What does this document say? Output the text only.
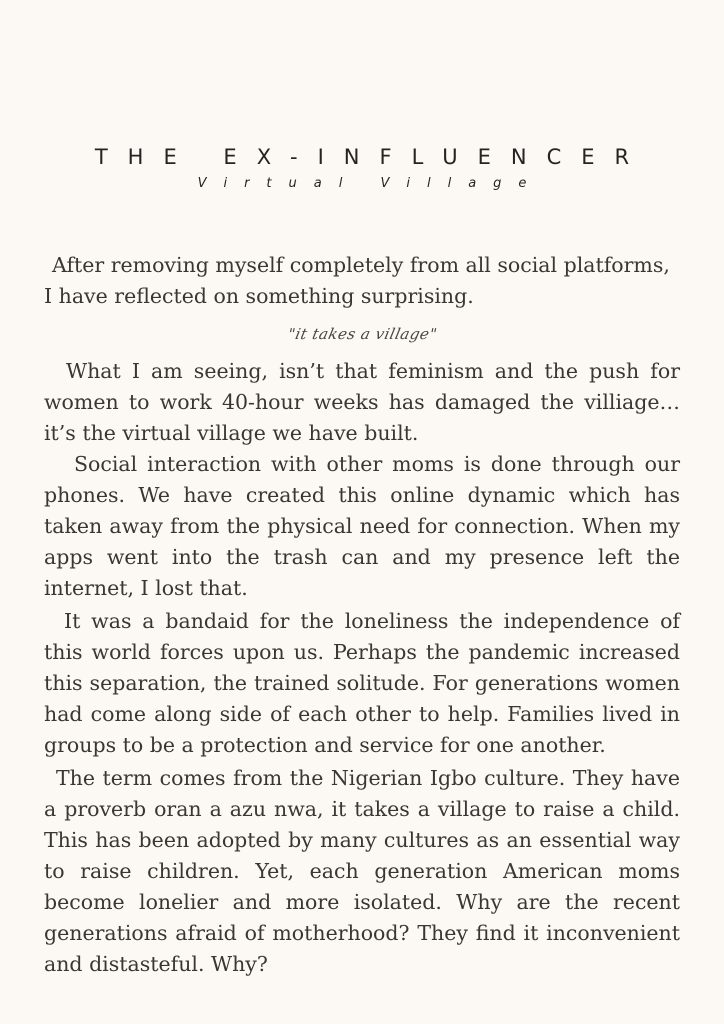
THE EX-INFLUENCER
Virtual Village

After removing myself completely from all social platforms, I have reflected on something surprising.

"it takes a village"

What I am seeing, isn’t that feminism and the push for women to work 40-hour weeks has damaged the villiage… it’s the virtual village we have built.

Social interaction with other moms is done through our phones. We have created this online dynamic which has taken away from the physical need for connection. When my apps went into the trash can and my presence left the internet, I lost that.

It was a bandaid for the loneliness the independence of this world forces upon us. Perhaps the pandemic increased this separation, the trained solitude. For generations women had come along side of each other to help. Families lived in groups to be a protection and service for one another.

The term comes from the Nigerian Igbo culture. They have a proverb oran a azu nwa, it takes a village to raise a child. This has been adopted by many cultures as an essential way to raise children. Yet, each generation American moms become lonelier and more isolated. Why are the recent generations afraid of motherhood? They find it inconvenient and distasteful. Why?
